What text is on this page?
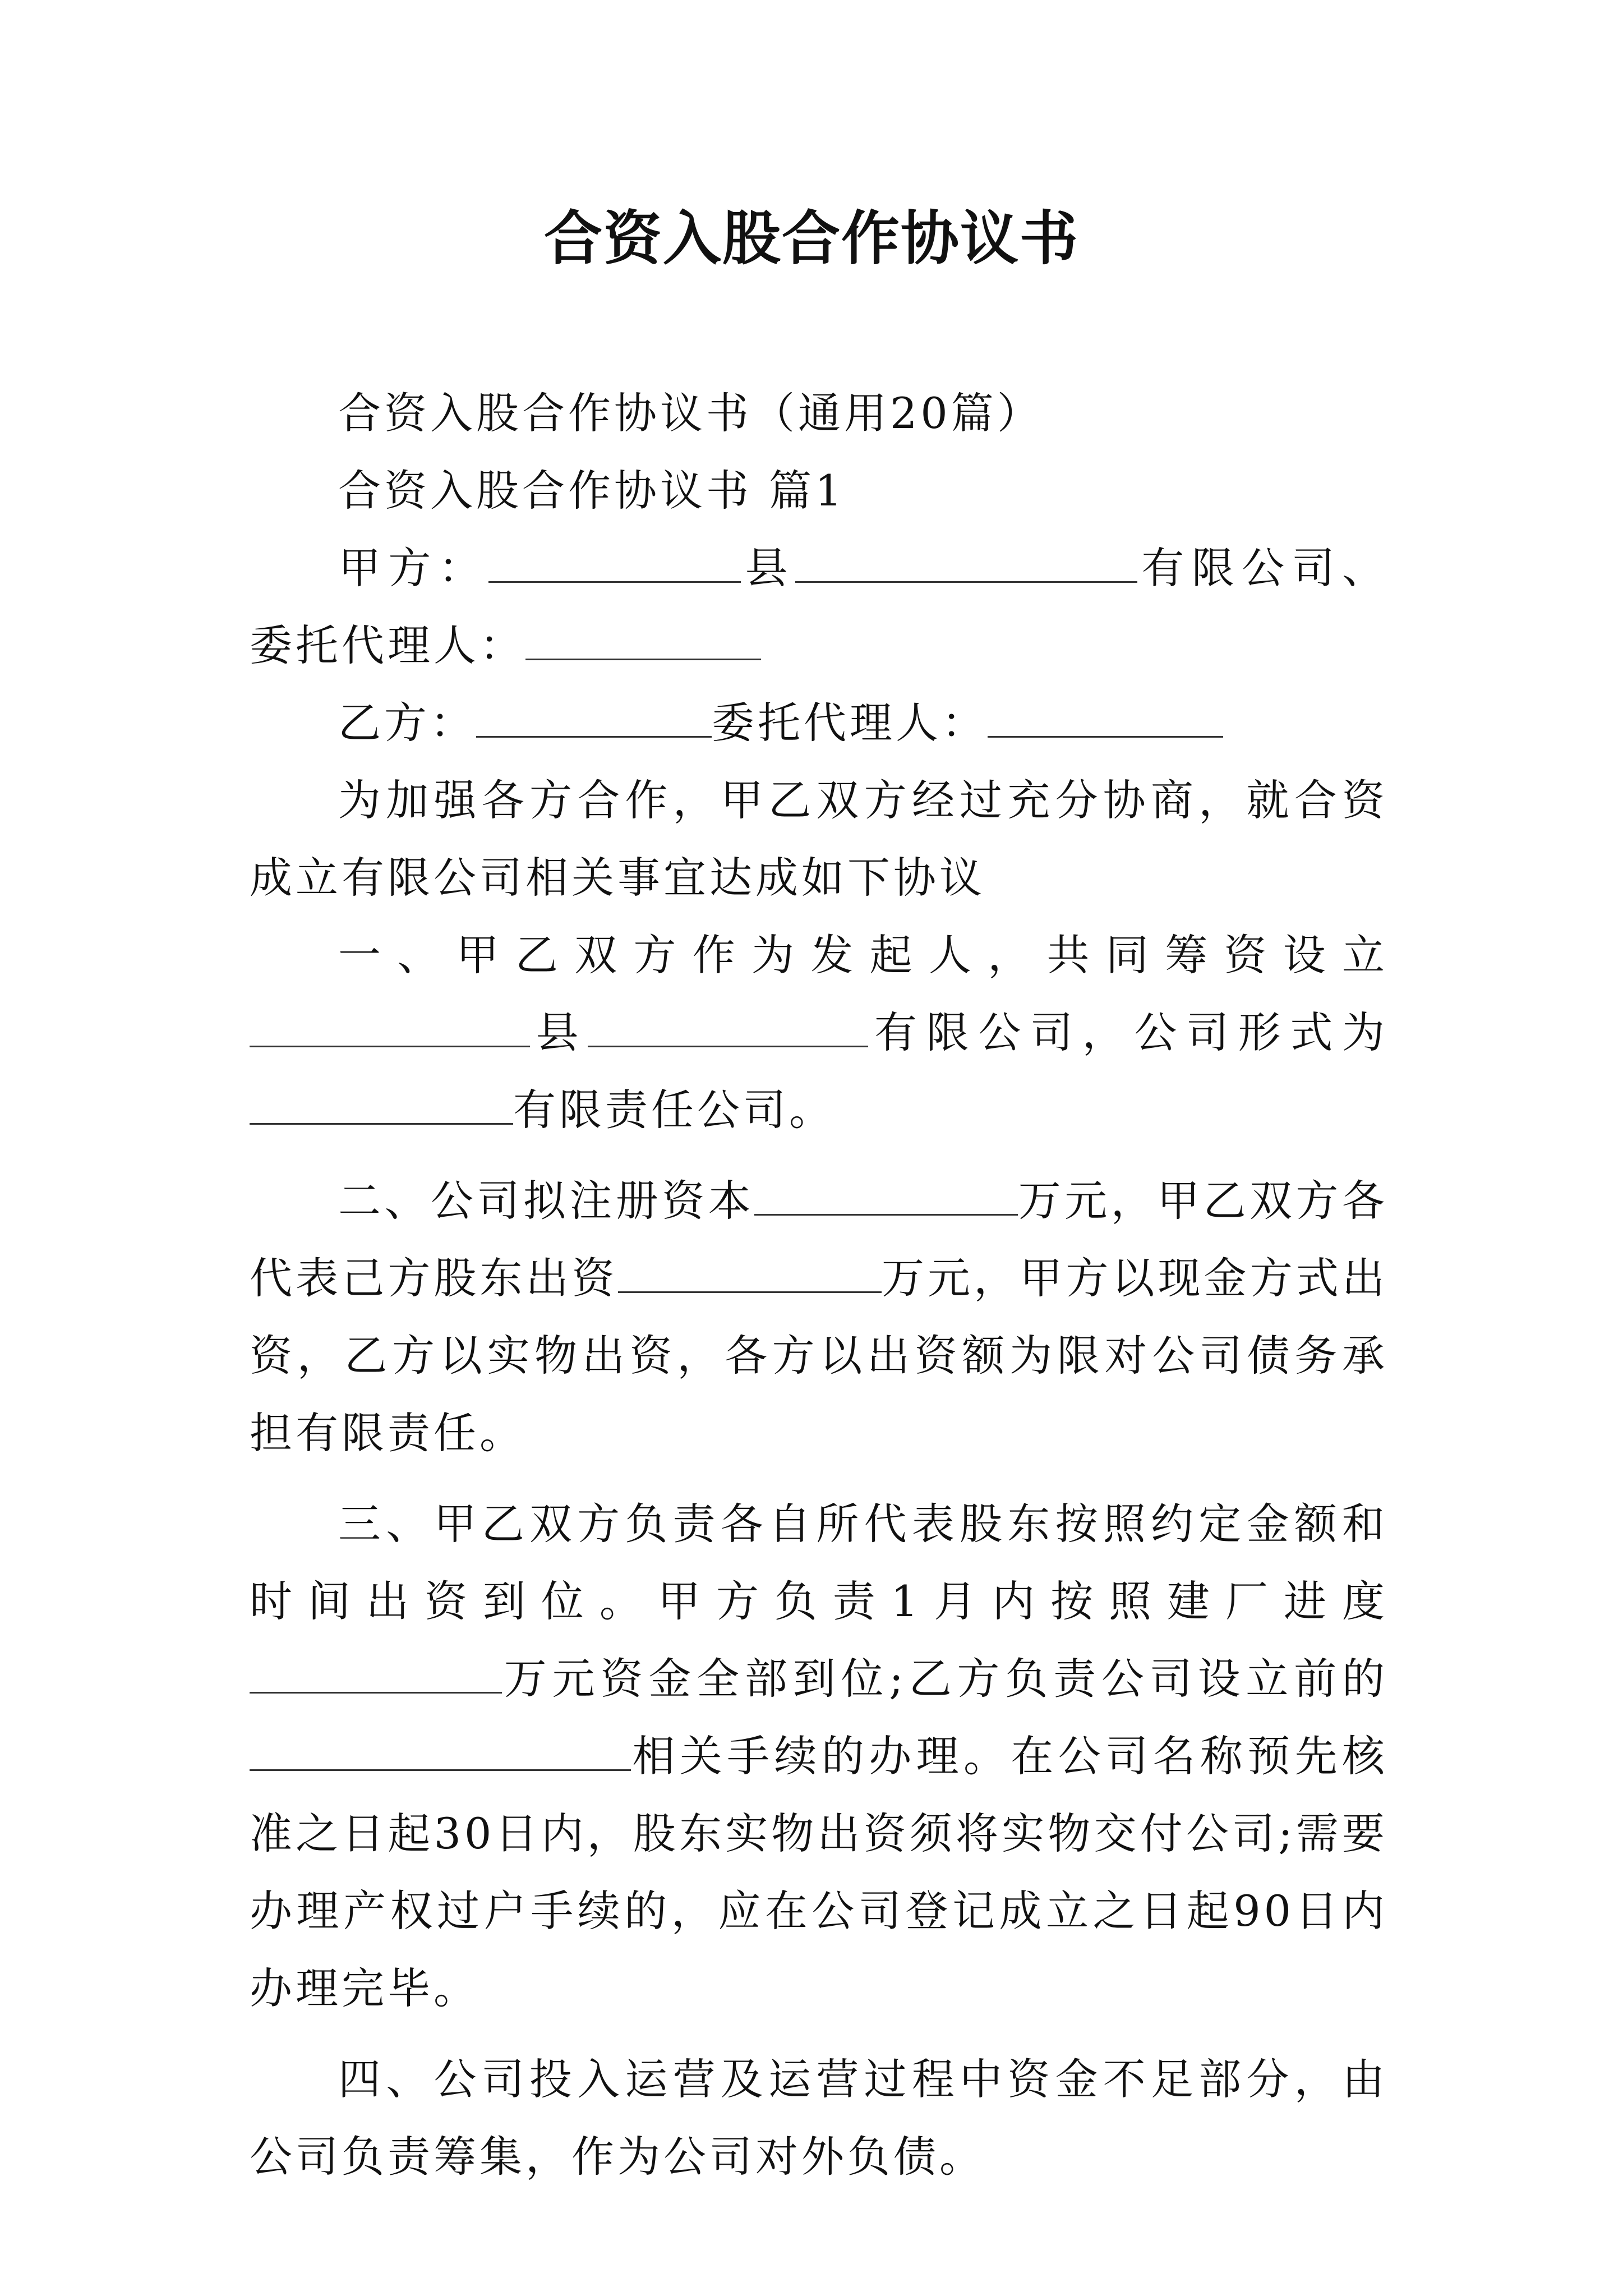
合资入股合作协议书

合资入股合作协议书（通用20篇）

合资入股合作协议书 篇1

甲方：	县	有限公司、委托代理人：

乙方：	委托代理人：

为加强各方合作，甲乙双方经过充分协商，就合资成立有限公司相关事宜达成如下协议

一、甲乙双方作为发起人，共同筹资设立县	有限公司，公司形式为有限责任公司。

二、公司拟注册资本	万元，甲乙双方各代表己方股东出资	万元，甲方以现金方式出资，乙方以实物出资，各方以出资额为限对公司债务承担有限责任。

三、甲乙双方负责各自所代表股东按照约定金额和时间出资到位。甲方负责1月内按照建厂进度万元资金全部到位;乙方负责公司设立前的相关手续的办理。在公司名称预先核准之日起30日内，股东实物出资须将实物交付公司;需要办理产权过户手续的，应在公司登记成立之日起90日内办理完毕。

四、公司投入运营及运营过程中资金不足部分，由公司负责筹集，作为公司对外负债。
